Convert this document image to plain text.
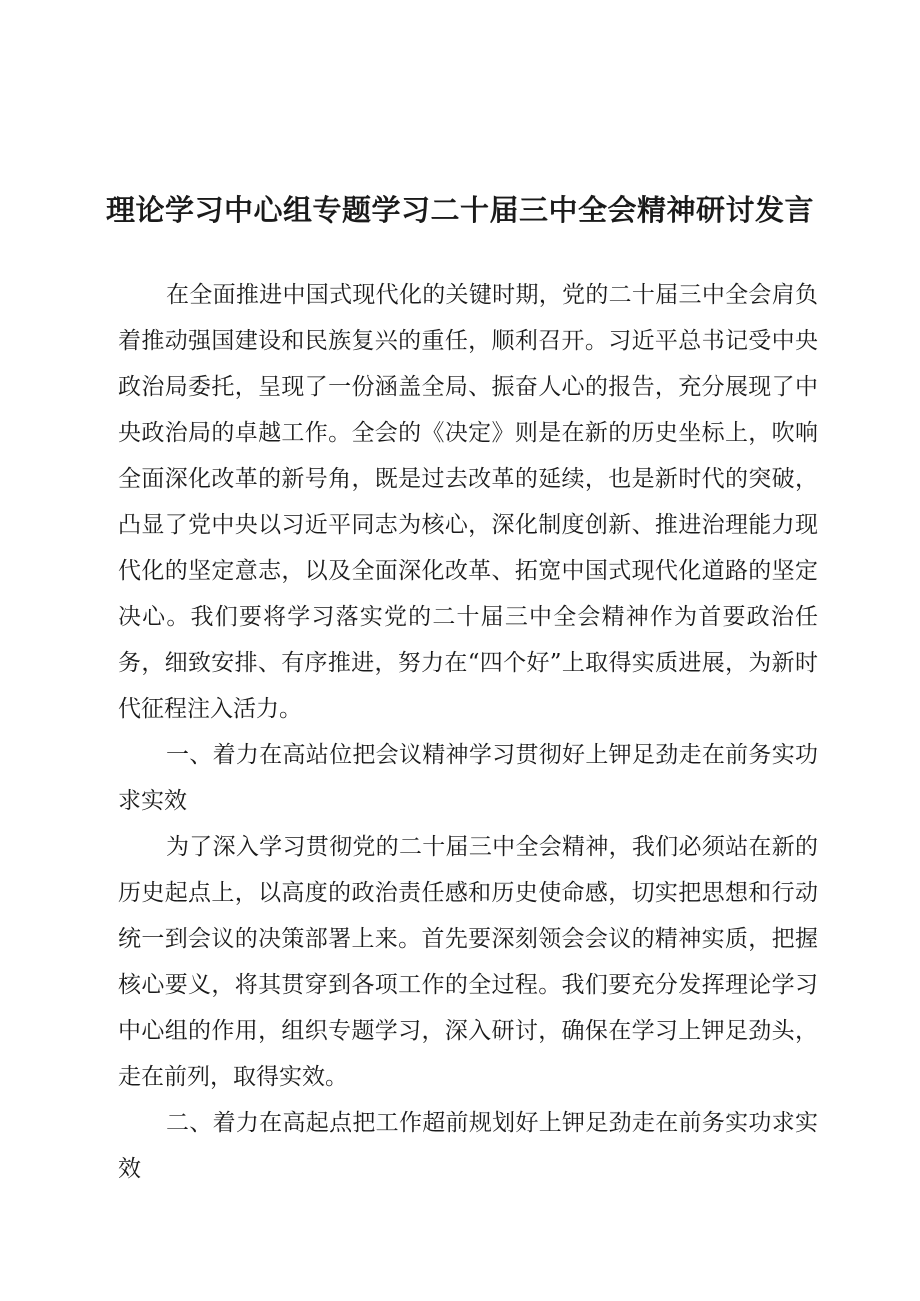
理论学习中心组专题学习二十届三中全会精神研讨发言

在全面推进中国式现代化的关键时期，党的二十届三中全会肩负着推动强国建设和民族复兴的重任，顺利召开。习近平总书记受中央政治局委托，呈现了一份涵盖全局、振奋人心的报告，充分展现了中央政治局的卓越工作。全会的《决定》则是在新的历史坐标上，吹响全面深化改革的新号角，既是过去改革的延续，也是新时代的突破，凸显了党中央以习近平同志为核心，深化制度创新、推进治理能力现代化的坚定意志，以及全面深化改革、拓宽中国式现代化道路的坚定决心。我们要将学习落实党的二十届三中全会精神作为首要政治任务，细致安排、有序推进，努力在“四个好”上取得实质进展，为新时代征程注入活力。

一、着力在高站位把会议精神学习贯彻好上钾足劲走在前务实功求实效

为了深入学习贯彻党的二十届三中全会精神，我们必须站在新的历史起点上，以高度的政治责任感和历史使命感，切实把思想和行动统一到会议的决策部署上来。首先要深刻领会会议的精神实质，把握核心要义，将其贯穿到各项工作的全过程。我们要充分发挥理论学习中心组的作用，组织专题学习，深入研讨，确保在学习上钾足劲头，走在前列，取得实效。

二、着力在高起点把工作超前规划好上钾足劲走在前务实功求实效
